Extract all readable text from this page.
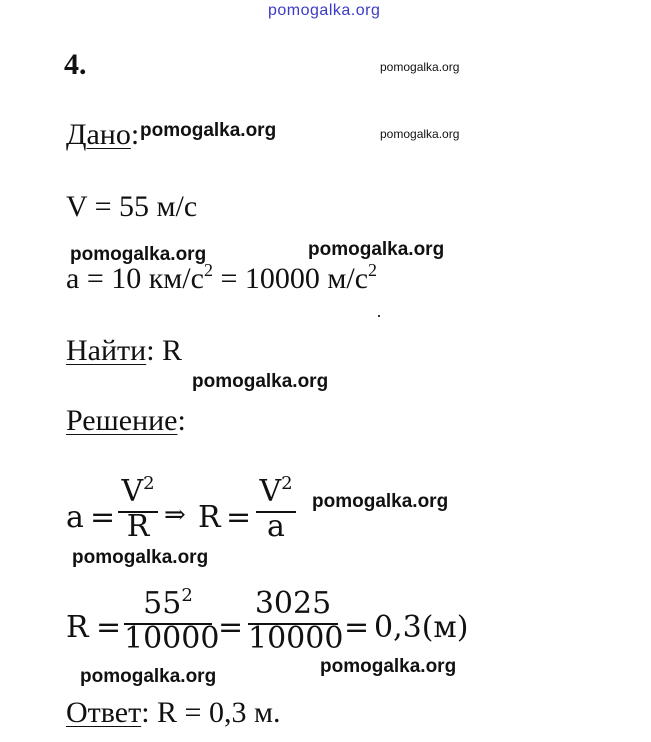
pomogalka.org
4.	pomogalka.org
Дано: pomogalka.org	pomogalka.org
V = 55 м/с
pomogalka.org	pomogalka.org
a = 10 $км/с^2 = 10000$ $м/с^2$
Найти: R
pomogalka.org
Решение:
a =
$V^2$
R ⇒ R =
$V^2$
a
pomogalka.org
pomogalka.org
R =
$55^2$
10000
=
3025
10000 = 0,3(м)
pomogalka.org
pomogalka.org
Ответ: R = 0,3 м.
